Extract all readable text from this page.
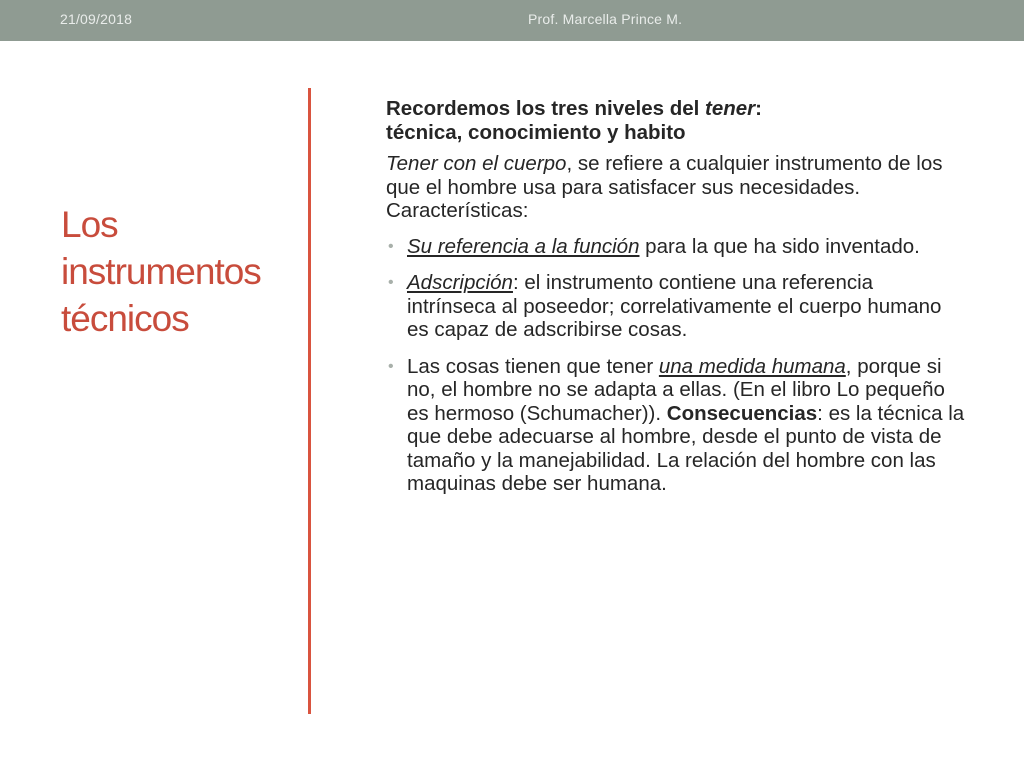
21/09/2018	Prof. Marcella Prince M.
Los
instrumentos
técnicos
Recordemos los tres niveles del tener:
técnica, conocimiento y habito
Tener con el cuerpo, se refiere a cualquier instrumento de los que el hombre usa para satisfacer sus necesidades. Características:
• Su referencia a la función para la que ha sido inventado.
• Adscripción: el instrumento contiene una referencia intrínseca al poseedor; correlativamente el cuerpo humano es capaz de adscribirse cosas.
• Las cosas tienen que tener una medida humana, porque si no, el hombre no se adapta a ellas. (En el libro Lo pequeño es hermoso (Schumacher)). Consecuencias: es la técnica la que debe adecuarse al hombre, desde el punto de vista de tamaño y la manejabilidad. La relación del hombre con las maquinas debe ser humana.
